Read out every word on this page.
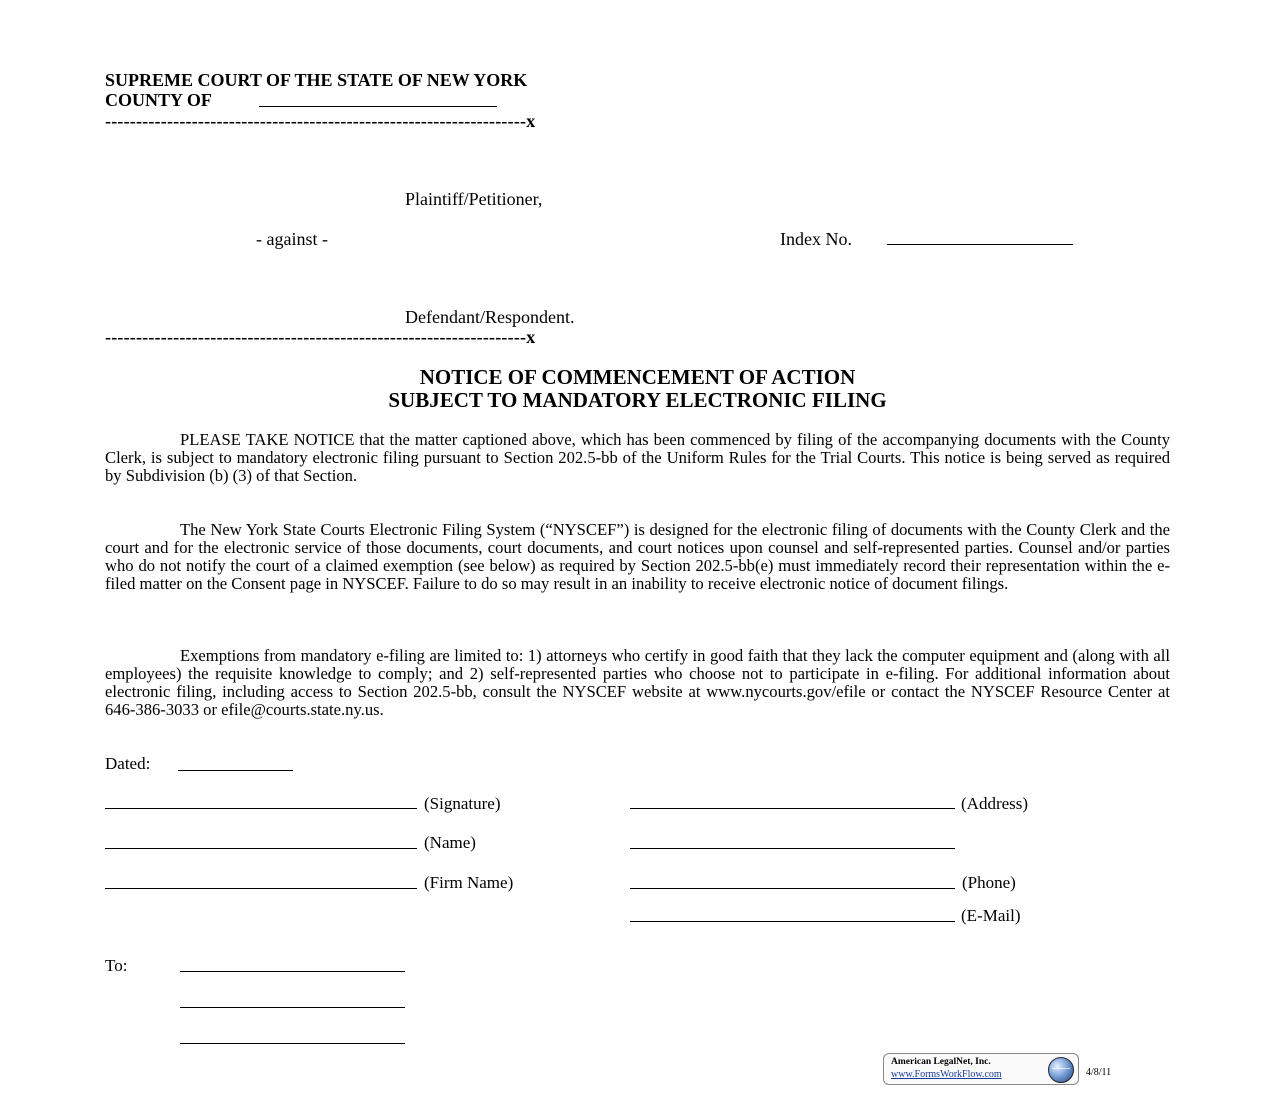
SUPREME COURT OF THE STATE OF NEW YORK
COUNTY OF
--------------------------------------------------------------------x
Plaintiff/Petitioner,
- against -	Index No.
Defendant/Respondent.
--------------------------------------------------------------------x
NOTICE OF COMMENCEMENT OF ACTION
SUBJECT TO MANDATORY ELECTRONIC FILING
PLEASE TAKE NOTICE that the matter captioned above, which has been commenced by filing of the accompanying documents with the County Clerk, is subject to mandatory electronic filing pursuant to Section 202.5-bb of the Uniform Rules for the Trial Courts. This notice is being served as required by Subdivision (b) (3) of that Section.
The New York State Courts Electronic Filing System (“NYSCEF”) is designed for the electronic filing of documents with the County Clerk and the court and for the electronic service of those documents, court documents, and court notices upon counsel and self-represented parties. Counsel and/or parties who do not notify the court of a claimed exemption (see below) as required by Section 202.5-bb(e) must immediately record their representation within the e-filed matter on the Consent page in NYSCEF. Failure to do so may result in an inability to receive electronic notice of document filings.
Exemptions from mandatory e-filing are limited to: 1) attorneys who certify in good faith that they lack the computer equipment and (along with all employees) the requisite knowledge to comply; and 2) self-represented parties who choose not to participate in e-filing. For additional information about electronic filing, including access to Section 202.5-bb, consult the NYSCEF website at www.nycourts.gov/efile or contact the NYSCEF Resource Center at 646-386-3033 or efile@courts.state.ny.us.
Dated:
(Signature)
(Name)
(Firm Name)
(Address)
(Phone)
(E-Mail)
To:
American LegalNet, Inc.
www.FormsWorkFlow.com	4/8/11
